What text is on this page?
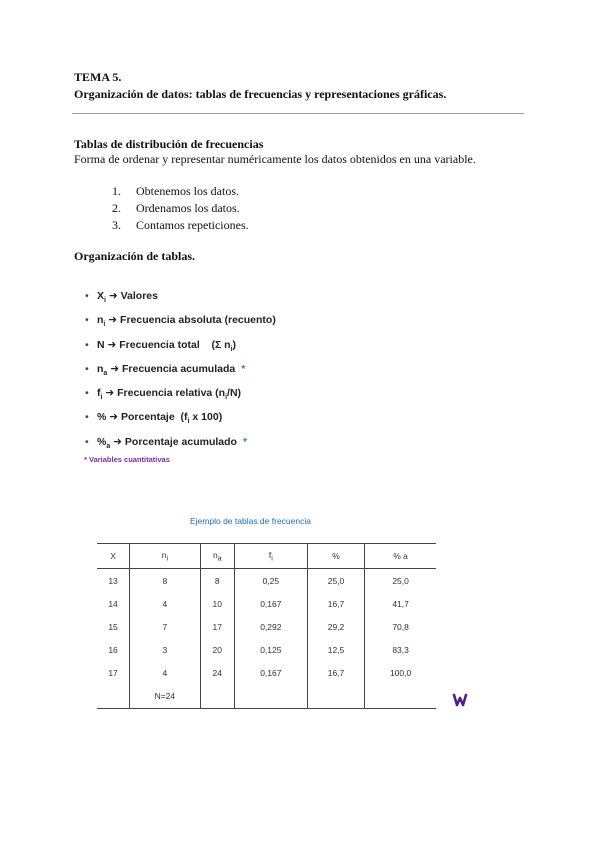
TEMA 5.
Organización de datos: tablas de frecuencias y representaciones gráficas.
Tablas de distribución de frecuencias
Forma de ordenar y representar numéricamente los datos obtenidos en una variable.
1. Obtenemos los datos.
2. Ordenamos los datos.
3. Contamos repeticiones.
Organización de tablas.
• $X_i$ ➜ Valores
• $n_i$ ➜ Frecuencia absoluta (recuento)
• N ➜ Frecuencia total (Σ $n_i$)
• $n_a$ ➜ Frecuencia acumulada *
• $f_i$ ➜ Frecuencia relativa $(n_i/N)$
• % ➜ Porcentaje ($f_i$ x 100)
• $\%_a$ ➜ Porcentaje acumulado *
* Variables cuantitativas
Ejemplo de tablas de frecuencia
X	$n_i$	$n_a$	$f_i$	%	% a
13	8	8	0,25	25,0	25,0
14	4	10	0,167	16,7	41,7
15	7	17	0,292	29,2	70,8
16	3	20	0,125	12,5	83,3
17	4	24	0,167	16,7	100,0
	N=24				
